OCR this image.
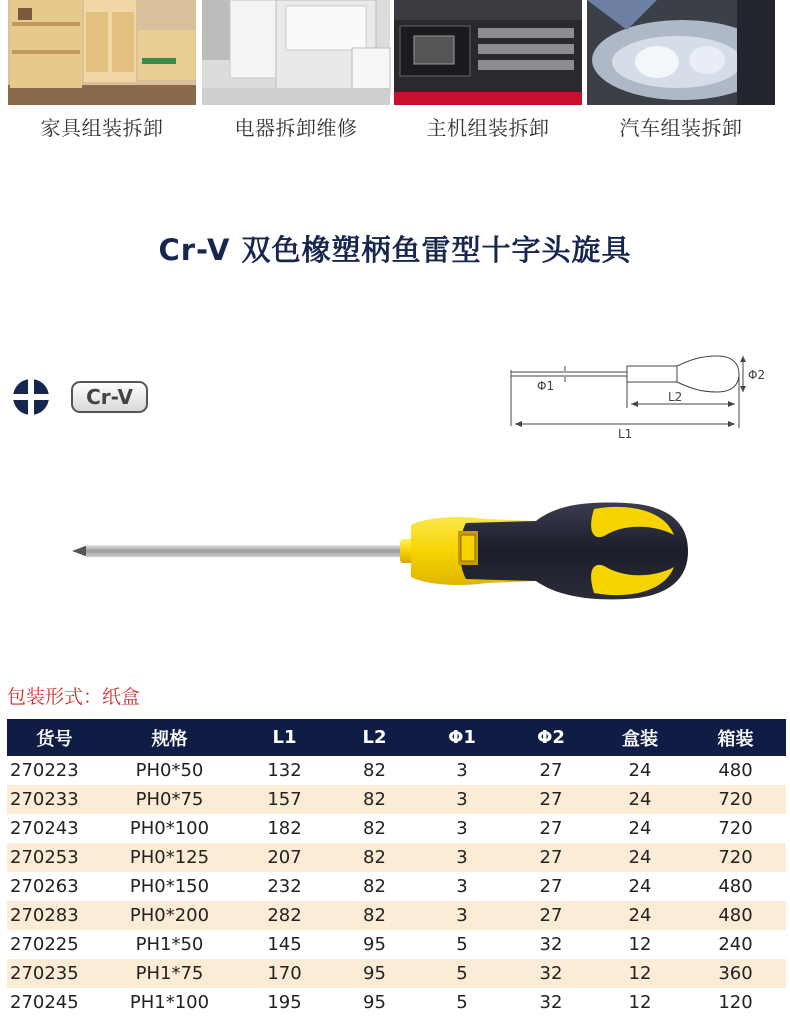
家具组装拆卸	电器拆卸维修	主机组装拆卸	汽车组装拆卸
Cr-V 双色橡塑柄鱼雷型十字头旋具
Cr-V	Φ1
Φ2
L2
L1
包装形式：纸盒
货号	规格	L1	L2	Φ1	Φ2	盒装	箱装
270223	PH0*50	132	82	3	27	24	480
270233	PH0*75	157	82	3	27	24	720
270243	PH0*100	182	82	3	27	24	720
270253	PH0*125	207	82	3	27	24	720
270263	PH0*150	232	82	3	27	24	480
270283	PH0*200	282	82	3	27	24	480
270225	PH1*50	145	95	5	32	12	240
270235	PH1*75	170	95	5	32	12	360
270245	PH1*100	195	95	5	32	12	120
